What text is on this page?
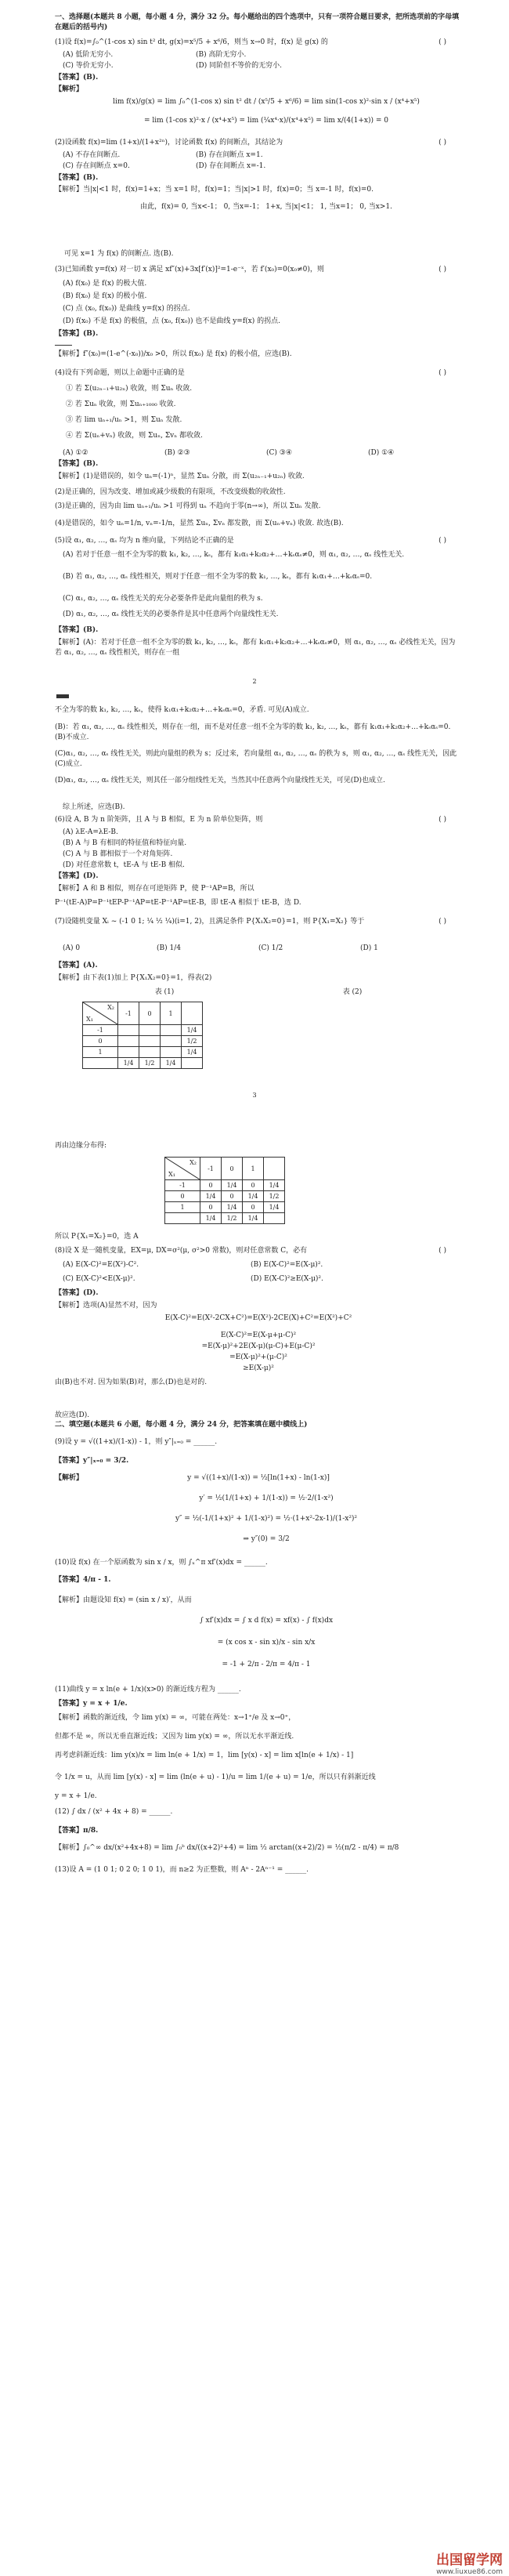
一、选择题(本题共 8 小题，每小题 4 分，满分 32 分。每小题给出的四个选项中，只有一项符合题目要求，把所选项前的字母填在题后的括号内)
(1)设 f(x)=∫₀^(1-cos x) sin t² dt, g(x)=x⁵/5 + x⁶/6，则当 x→0 时，f(x) 是 g(x) 的	( )
(A) 低阶无穷小.	(B) 高阶无穷小.
(C) 等价无穷小.	(D) 同阶但不等价的无穷小.
【答案】(B).
【解析】
lim f(x)/g(x) = lim ∫₀^(1-cos x) sin t² dt / (x⁵/5 + x⁶/6) = lim sin(1-cos x)²·sin x / (x⁴+x⁵)
= lim (1-cos x)²·x / (x⁴+x⁵) = lim (¼x⁴·x)/(x⁴+x⁵) = lim x/(4(1+x)) = 0
(2)设函数 f(x)=lim (1+x)/(1+x²ⁿ)，讨论函数 f(x) 的间断点，其结论为	( )
(A) 不存在间断点.	(B) 存在间断点 x=1.
(C) 存在间断点 x=0.	(D) 存在间断点 x=-1.
【答案】(B).
【解析】当|x|<1 时，f(x)=1+x；当 x=1 时，f(x)=1；当|x|>1 时，f(x)=0；当 x=-1 时，f(x)=0.
由此，f(x)= 0, 当x<-1； 0, 当x=-1； 1+x, 当|x|<1； 1, 当x=1； 0, 当x>1.
可见 x=1 为 f(x) 的间断点. 选(B).
(3)已知函数 y=f(x) 对一切 x 满足 xf″(x)+3x[f′(x)]²=1-e⁻ˣ，若 f′(x₀)=0(x₀≠0)，则	( )
(A) f(x₀) 是 f(x) 的极大值.
(B) f(x₀) 是 f(x) 的极小值.
(C) 点 (x₀, f(x₀)) 是曲线 y=f(x) 的拐点.
(D) f(x₀) 不是 f(x) 的极值，点 (x₀, f(x₀)) 也不是曲线 y=f(x) 的拐点.
【答案】(B).
【解析】f″(x₀)=(1-e^(-x₀))/x₀ >0，所以 f(x₀) 是 f(x) 的极小值，应选(B).
(4)设有下列命题，则以上命题中正确的是	( )
① 若 Σ(u₂ₙ₋₁+u₂ₙ) 收敛，则 Σuₙ 收敛.
② 若 Σuₙ 收敛，则 Σuₙ₊₁₀₀₀ 收敛.
③ 若 lim uₙ₊₁/uₙ >1，则 Σuₙ 发散.
④ 若 Σ(uₙ+vₙ) 收敛，则 Σuₙ, Σvₙ 都收敛.
(A) ①②	(B) ②③	(C) ③④	(D) ①④
【答案】(B).
【解析】(1)是错误的，如令 uₙ=(-1)ⁿ，显然 Σuₙ 分散，而 Σ(u₂ₙ₋₁+u₂ₙ) 收敛.
(2)是正确的，因为改变、增加或减少级数的有限项，不改变级数的收敛性.
(3)是正确的，因为由 lim uₙ₊₁/uₙ >1 可得到 uₙ 不趋向于零(n→∞)，所以 Σuₙ 发散.
(4)是错误的，如令 uₙ=1/n, vₙ=-1/n，显然 Σuₙ, Σvₙ 都发散，而 Σ(uₙ+vₙ) 收敛. 故选(B).
(5)设 α₁, α₂, …, αₛ 均为 n 维向量，下列结论不正确的是	( )
(A) 若对于任意一组不全为零的数 k₁, k₂, …, kₛ，都有 k₁α₁+k₂α₂+…+kₛαₛ≠0，则 α₁, α₂, …, αₛ 线性无关.
(B) 若 α₁, α₂, …, αₛ 线性相关，则对于任意一组不全为零的数 k₁, …, kₛ，都有 k₁α₁+…+kₛαₛ=0.
(C) α₁, α₂, …, αₛ 线性无关的充分必要条件是此向量组的秩为 s.
(D) α₁, α₂, …, αₛ 线性无关的必要条件是其中任意两个向量线性无关.
【答案】(B).
【解析】(A)：若对于任意一组不全为零的数 k₁, k₂, …, kₛ，都有 k₁α₁+k₂α₂+…+kₛαₛ≠0，则 α₁, α₂, …, αₛ 必线性无关，因为若 α₁, α₂, …, αₛ 线性相关，则存在一组
2
不全为零的数 k₁, k₂, …, kₛ，使得 k₁α₁+k₂α₂+…+kₛαₛ=0，矛盾. 可见(A)成立.
(B)：若 α₁, α₂, …, αₛ 线性相关，则存在一组，而不是对任意一组不全为零的数 k₁, k₂, …, kₛ，都有 k₁α₁+k₂α₂+…+kₛαₛ=0. (B)不成立.
(C)α₁, α₂, …, αₛ 线性无关，则此向量组的秩为 s；反过来，若向量组 α₁, α₂, …, αₛ 的秩为 s，则 α₁, α₂, …, αₛ 线性无关，因此(C)成立.
(D)α₁, α₂, …, αₛ 线性无关，则其任一部分组线性无关，当然其中任意两个向量线性无关，可见(D)也成立.
综上所述，应选(B).
(6)设 A, B 为 n 阶矩阵，且 A 与 B 相似，E 为 n 阶单位矩阵，则	( )
(A) λE-A=λE-B.
(B) A 与 B 有相同的特征值和特征向量.
(C) A 与 B 都相似于一个对角矩阵.
(D) 对任意常数 t，tE-A 与 tE-B 相似.
【答案】(D).
【解析】A 和 B 相似，则存在可逆矩阵 P，使 P⁻¹AP=B，所以
P⁻¹(tE-A)P=P⁻¹tEP-P⁻¹AP=tE-P⁻¹AP=tE-B，即 tE-A 相似于 tE-B，选 D.
(7)设随机变量 Xᵢ ~ (-1 0 1; ¼ ½ ¼)(i=1, 2)，且满足条件 P{X₁X₂=0}=1，则 P{X₁=X₂} 等于	( )
(A) 0	(B) 1/4	(C) 1/2	(D) 1
【答案】(A).
【解析】由下表(1)加上 P{X₁X₂=0}=1，得表(2)
表 (1)	表 (2)
X₂
X₁	-1	0	1	
-1				1/4
0				1/2
1				1/4
	1/4	1/2	1/4	
3
再由边缘分布得:
X₂
X₁	-1	0	1	
-1	0	1/4	0	1/4
0	1/4	0	1/4	1/2
1	0	1/4	0	1/4
	1/4	1/2	1/4	
所以 P{X₁=X₂}=0，选 A
(8)设 X 是一随机变量，EX=μ, DX=σ²(μ, σ²>0 常数)，则对任意常数 C，必有	( )
(A) E(X-C)²=E(X²)-C².	(B) E(X-C)²=E(X-μ)².
(C) E(X-C)²<E(X-μ)².	(D) E(X-C)²≥E(X-μ)².
【答案】(D).
【解析】选项(A)显然不对，因为
E(X-C)²=E(X²-2CX+C²)=E(X²)-2CE(X)+C²=E(X²)+C²
E(X-C)²=E(X-μ+μ-C)²
=E(X-μ)²+2E(X-μ)(μ-C)+E(μ-C)²
=E(X-μ)²+(μ-C)²
≥E(X-μ)²
由(B)也不对. 因为如果(B)对，那么(D)也是对的.
故应选(D).
二、填空题(本题共 6 小题，每小题 4 分，满分 24 分，把答案填在题中横线上)
(9)设 y = √((1+x)/(1-x)) - 1，则 y″|ₓ₌₀ = ______.
【答案】y″|ₓ₌₀ = 3/2.
【解析】	y = √((1+x)/(1-x)) = ½[ln(1+x) - ln(1-x)]
y′ = ½(1/(1+x) + 1/(1-x)) = ½·2/(1-x²)
y″ = ½(-1/(1+x)² + 1/(1-x)²) = ½·(1+x²-2x-1)/(1-x²)²
⇒ y″(0) = 3/2
(10)设 f(x) 在一个原函数为 sin x / x，则 ∫ₓ^π xf′(x)dx = ______.
【答案】4/π - 1.
【解析】由题设知 f(x) = (sin x / x)′，从而
∫ xf′(x)dx = ∫ x d f(x) = xf(x) - ∫ f(x)dx
= (x cos x - sin x)/x - sin x/x
= -1 + 2/π - 2/π = 4/π - 1
(11)曲线 y = x ln(e + 1/x)(x>0) 的渐近线方程为 ______.
【答案】y = x + 1/e.
【解析】函数的渐近线，令 lim y(x) = ∞，可能在两处：x→1⁺/e 及 x→0⁺，
但都不是 ∞，所以无垂直渐近线；又因为 lim y(x) = ∞，所以无水平渐近线.
再考虑斜渐近线：lim y(x)/x = lim ln(e + 1/x) = 1，lim [y(x) - x] = lim x[ln(e + 1/x) - 1]
令 1/x = u，从而 lim [y(x) - x] = lim (ln(e + u) - 1)/u = lim 1/(e + u) = 1/e，所以只有斜渐近线
y = x + 1/e.
(12) ∫ dx / (x² + 4x + 8) = ______.
【答案】π/8.
【解析】∫₀^∞ dx/(x²+4x+8) = lim ∫₀ᵇ dx/((x+2)²+4) = lim ½ arctan((x+2)/2) = ½(π/2 - π/4) = π/8
(13)设 A = (1 0 1; 0 2 0; 1 0 1)，而 n≥2 为正整数，则 Aⁿ - 2Aⁿ⁻¹ = ______.
出国留学网
www.liuxue86.com
